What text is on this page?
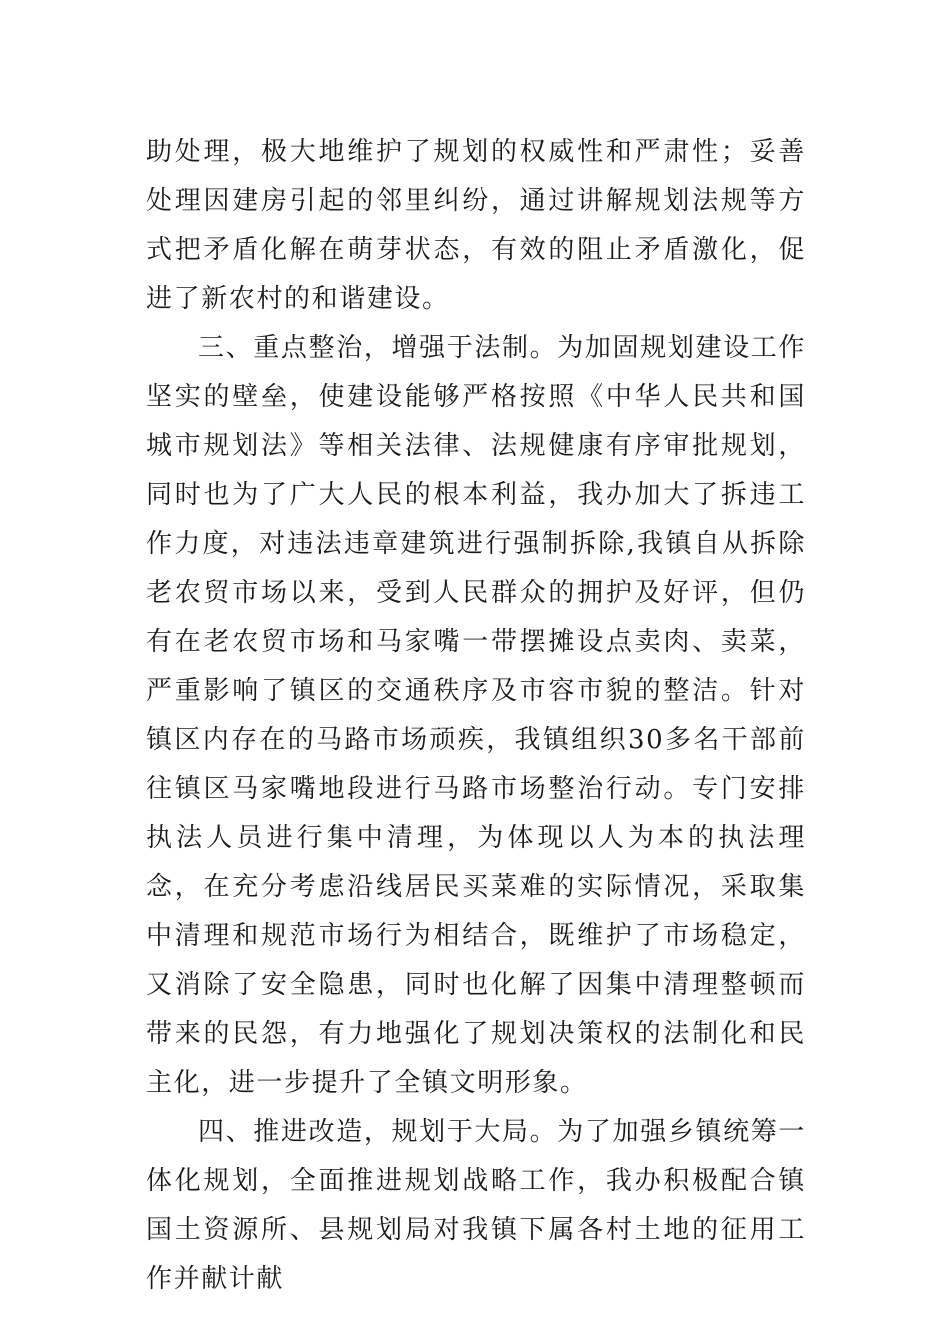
助处理，极大地维护了规划的权威性和严肃性；妥善处理因建房引起的邻里纠纷，通过讲解规划法规等方式把矛盾化解在萌芽状态，有效的阻止矛盾激化，促进了新农村的和谐建设。

三、重点整治，增强于法制。为加固规划建设工作坚实的壁垒，使建设能够严格按照《中华人民共和国城市规划法》等相关法律、法规健康有序审批规划，同时也为了广大人民的根本利益，我办加大了拆违工作力度，对违法违章建筑进行强制拆除,我镇自从拆除老农贸市场以来，受到人民群众的拥护及好评，但仍有在老农贸市场和马家嘴一带摆摊设点卖肉、卖菜，严重影响了镇区的交通秩序及市容市貌的整洁。针对镇区内存在的马路市场顽疾，我镇组织30多名干部前往镇区马家嘴地段进行马路市场整治行动。专门安排执法人员进行集中清理，为体现以人为本的执法理念，在充分考虑沿线居民买菜难的实际情况，采取集中清理和规范市场行为相结合，既维护了市场稳定，又消除了安全隐患，同时也化解了因集中清理整顿而带来的民怨，有力地强化了规划决策权的法制化和民主化，进一步提升了全镇文明形象。

四、推进改造，规划于大局。为了加强乡镇统筹一体化规划，全面推进规划战略工作，我办积极配合镇国土资源所、县规划局对我镇下属各村土地的征用工作并献计献
